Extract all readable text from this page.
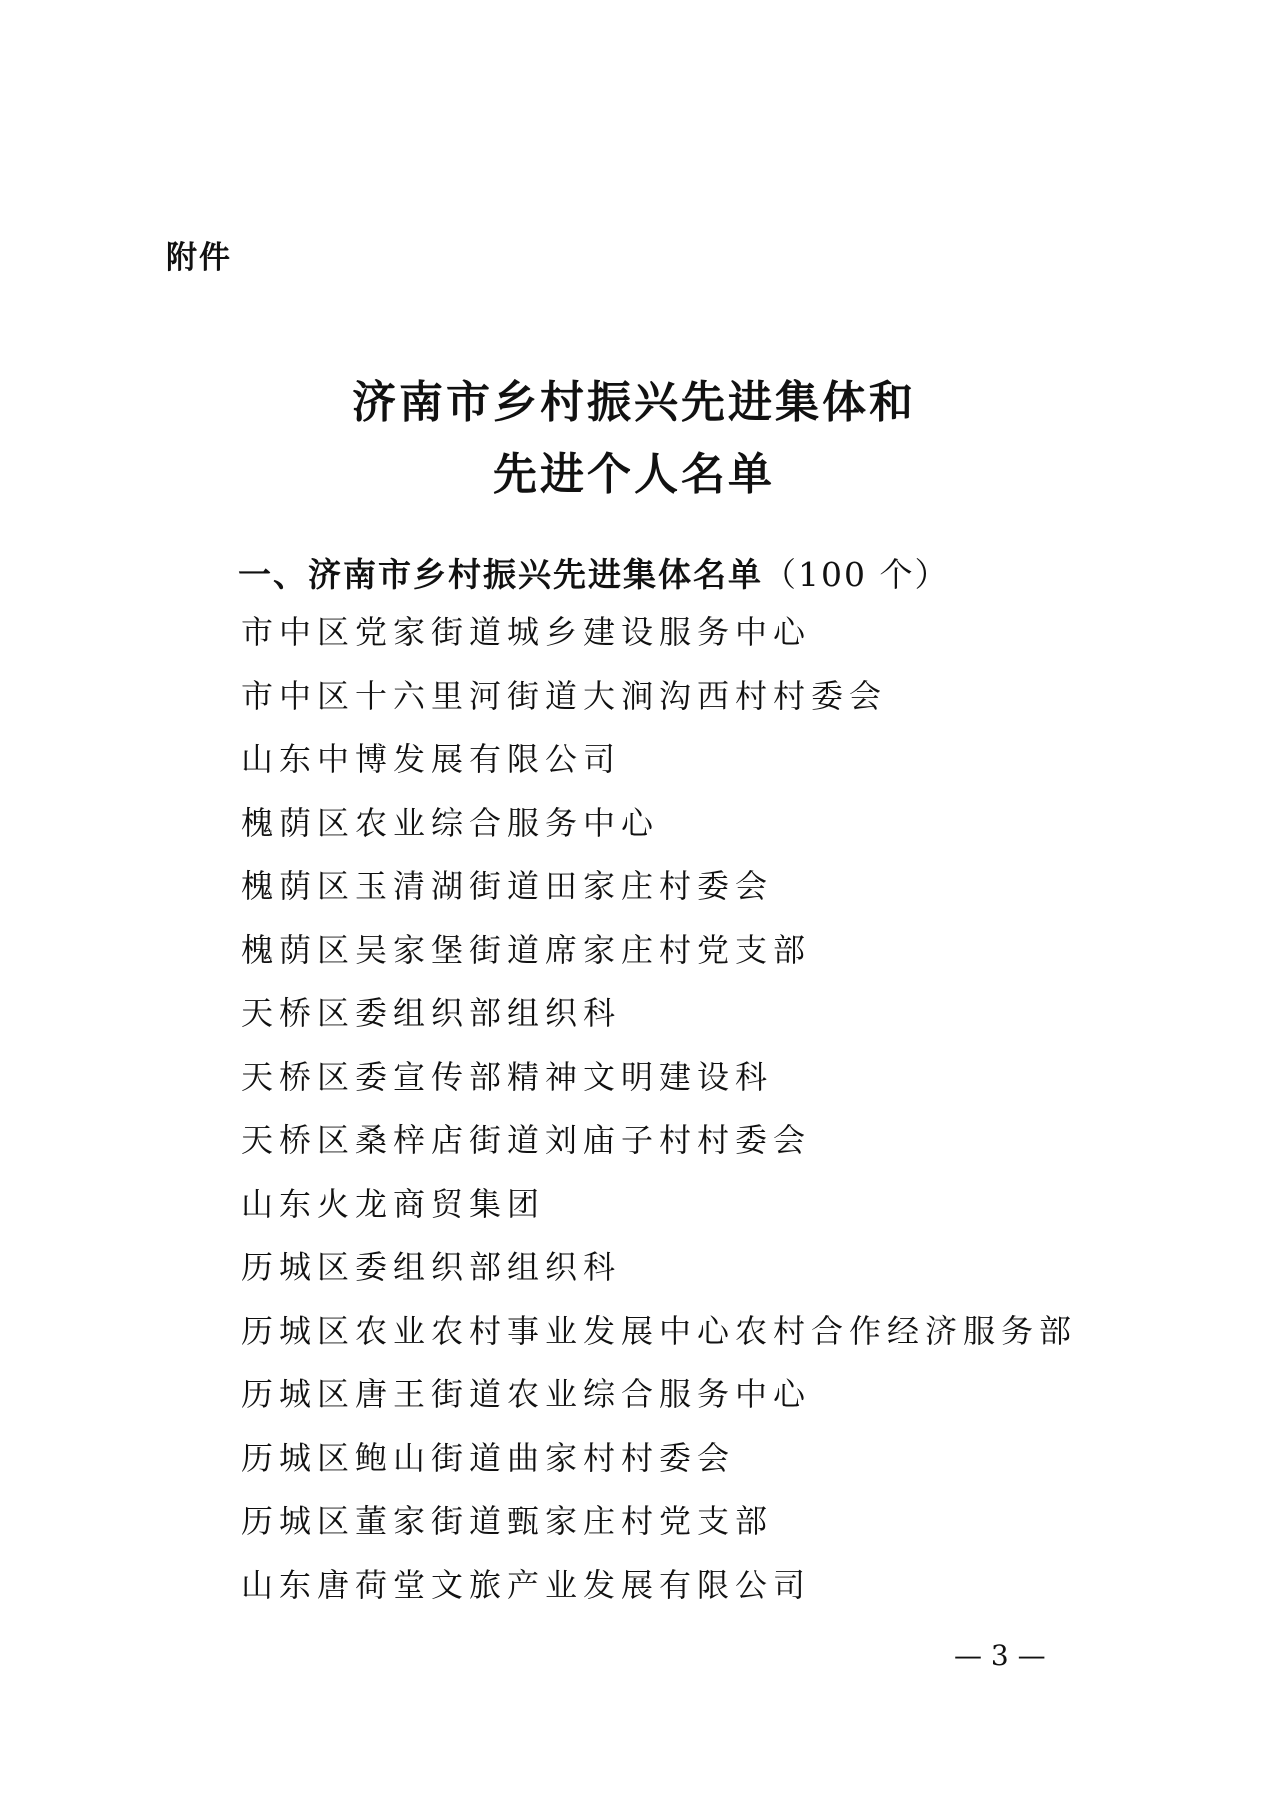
附件
济南市乡村振兴先进集体和
先进个人名单
一、济南市乡村振兴先进集体名单（100 个）
市中区党家街道城乡建设服务中心
市中区十六里河街道大涧沟西村村委会
山东中博发展有限公司
槐荫区农业综合服务中心
槐荫区玉清湖街道田家庄村委会
槐荫区吴家堡街道席家庄村党支部
天桥区委组织部组织科
天桥区委宣传部精神文明建设科
天桥区桑梓店街道刘庙子村村委会
山东火龙商贸集团
历城区委组织部组织科
历城区农业农村事业发展中心农村合作经济服务部
历城区唐王街道农业综合服务中心
历城区鲍山街道曲家村村委会
历城区董家街道甄家庄村党支部
山东唐荷堂文旅产业发展有限公司
— 3 —
